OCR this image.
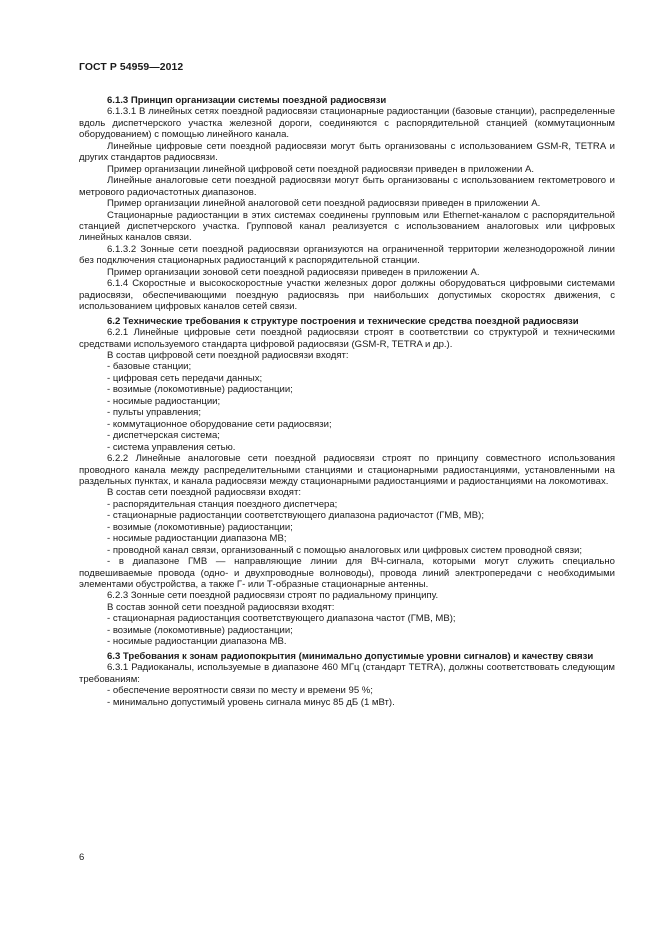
ГОСТ Р 54959—2012
6.1.3 Принцип организации системы поездной радиосвязи
6.1.3.1 В линейных сетях поездной радиосвязи стационарные радиостанции (базовые станции), распределенные вдоль диспетчерского участка железной дороги, соединяются с распорядительной станцией (коммутационным оборудованием) с помощью линейного канала.
Линейные цифровые сети поездной радиосвязи могут быть организованы с использованием GSM-R, TETRA и других стандартов радиосвязи.
Пример организации линейной цифровой сети поездной радиосвязи приведен в приложении А.
Линейные аналоговые сети поездной радиосвязи могут быть организованы с использованием гектометрового и метрового радиочастотных диапазонов.
Пример организации линейной аналоговой сети поездной радиосвязи приведен в приложении А.
Стационарные радиостанции в этих системах соединены групповым или Ethernet-каналом с распорядительной станцией диспетчерского участка. Групповой канал реализуется с использованием аналоговых или цифровых линейных каналов связи.
6.1.3.2 Зонные сети поездной радиосвязи организуются на ограниченной территории железнодорожной линии без подключения стационарных радиостанций к распорядительной станции.
Пример организации зоновой сети поездной радиосвязи приведен в приложении А.
6.1.4 Скоростные и высокоскоростные участки железных дорог должны оборудоваться цифровыми системами радиосвязи, обеспечивающими поездную радиосвязь при наибольших допустимых скоростях движения, с использованием цифровых каналов сетей связи.
6.2 Технические требования к структуре построения и технические средства поездной радиосвязи
6.2.1 Линейные цифровые сети поездной радиосвязи строят в соответствии со структурой и техническими средствами используемого стандарта цифровой радиосвязи (GSM-R, TETRA и др.).
В состав цифровой сети поездной радиосвязи входят:
- базовые станции;
- цифровая сеть передачи данных;
- возимые (локомотивные) радиостанции;
- носимые радиостанции;
- пульты управления;
- коммутационное оборудование сети радиосвязи;
- диспетчерская система;
- система управления сетью.
6.2.2 Линейные аналоговые сети поездной радиосвязи строят по принципу совместного использования проводного канала между распределительными станциями и стационарными радиостанциями, установленными на раздельных пунктах, и канала радиосвязи между стационарными радиостанциями и радиостанциями на локомотивах.
В состав сети поездной радиосвязи входят:
- распорядительная станция поездного диспетчера;
- стационарные радиостанции соответствующего диапазона радиочастот (ГМВ, МВ);
- возимые (локомотивные) радиостанции;
- носимые радиостанции диапазона МВ;
- проводной канал связи, организованный с помощью аналоговых или цифровых систем проводной связи;
- в диапазоне ГМВ — направляющие линии для ВЧ-сигнала, которыми могут служить специально подвешиваемые провода (одно- и двухпроводные волноводы), провода линий электропередачи с необходимыми элементами обустройства, а также Г- или Т-образные стационарные антенны.
6.2.3 Зонные сети поездной радиосвязи строят по радиальному принципу.
В состав зонной сети поездной радиосвязи входят:
- стационарная радиостанция соответствующего диапазона частот (ГМВ, МВ);
- возимые (локомотивные) радиостанции;
- носимые радиостанции диапазона МВ.
6.3 Требования к зонам радиопокрытия (минимально допустимые уровни сигналов) и качеству связи
6.3.1 Радиоканалы, используемые в диапазоне 460 МГц (стандарт TETRA), должны соответствовать следующим требованиям:
- обеспечение вероятности связи по месту и времени 95 %;
- минимально допустимый уровень сигнала минус 85 дБ (1 мВт).
6
